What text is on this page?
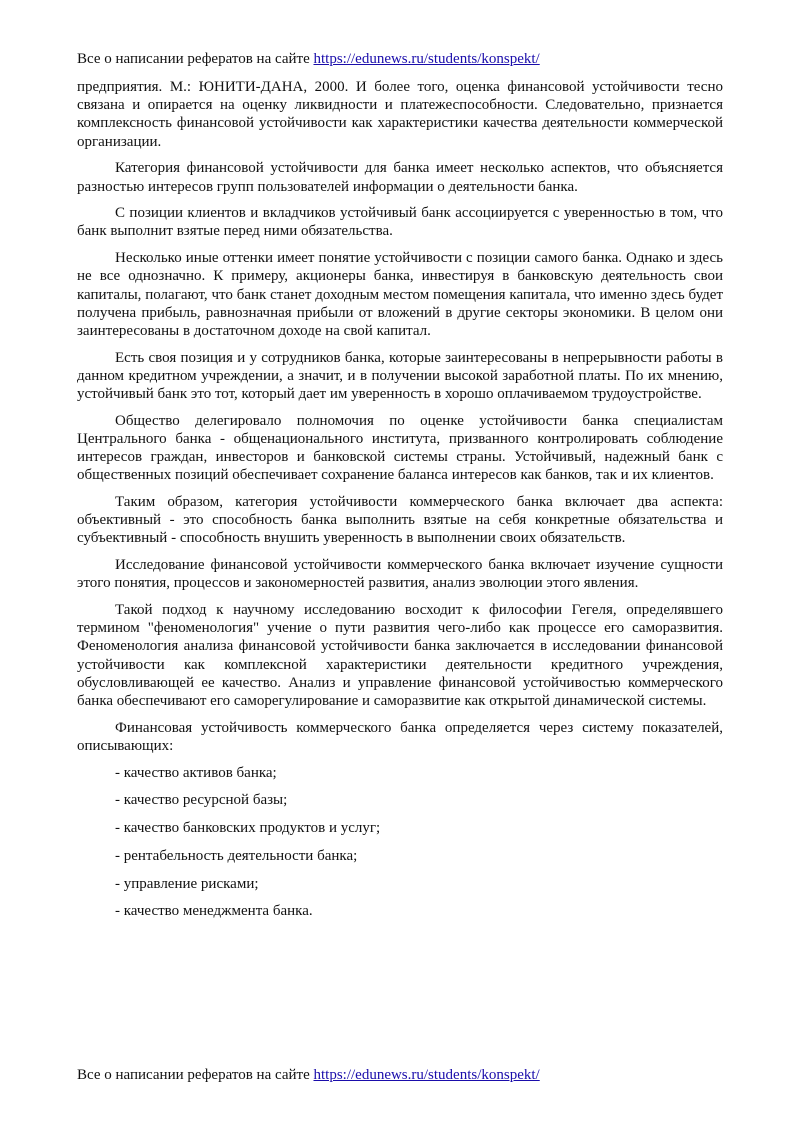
Все о написании рефератов на сайте https://edunews.ru/students/konspekt/

предприятия. М.: ЮНИТИ-ДАНА, 2000. И более того, оценка финансовой устойчивости тесно связана и опирается на оценку ликвидности и платежеспособности. Следовательно, признается комплексность финансовой устойчивости как характеристики качества деятельности коммерческой организации.

Категория финансовой устойчивости для банка имеет несколько аспектов, что объясняется разностью интересов групп пользователей информации о деятельности банка.

С позиции клиентов и вкладчиков устойчивый банк ассоциируется с уверенностью в том, что банк выполнит взятые перед ними обязательства.

Несколько иные оттенки имеет понятие устойчивости с позиции самого банка. Однако и здесь не все однозначно. К примеру, акционеры банка, инвестируя в банковскую деятельность свои капиталы, полагают, что банк станет доходным местом помещения капитала, что именно здесь будет получена прибыль, равнозначная прибыли от вложений в другие секторы экономики. В целом они заинтересованы в достаточном доходе на свой капитал.

Есть своя позиция и у сотрудников банка, которые заинтересованы в непрерывности работы в данном кредитном учреждении, а значит, и в получении высокой заработной платы. По их мнению, устойчивый банк это тот, который дает им уверенность в хорошо оплачиваемом трудоустройстве.

Общество делегировало полномочия по оценке устойчивости банка специалистам Центрального банка - общенационального института, призванного контролировать соблюдение интересов граждан, инвесторов и банковской системы страны. Устойчивый, надежный банк с общественных позиций обеспечивает сохранение баланса интересов как банков, так и их клиентов.

Таким образом, категория устойчивости коммерческого банка включает два аспекта: объективный - это способность банка выполнить взятые на себя конкретные обязательства и субъективный - способность внушить уверенность в выполнении своих обязательств.

Исследование финансовой устойчивости коммерческого банка включает изучение сущности этого понятия, процессов и закономерностей развития, анализ эволюции этого явления.

Такой подход к научному исследованию восходит к философии Гегеля, определявшего термином "феноменология" учение о пути развития чего-либо как процессе его саморазвития. Феноменология анализа финансовой устойчивости банка заключается в исследовании финансовой устойчивости как комплексной характеристики деятельности кредитного учреждения, обусловливающей ее качество. Анализ и управление финансовой устойчивостью коммерческого банка обеспечивают его саморегулирование и саморазвитие как открытой динамической системы.

Финансовая устойчивость коммерческого банка определяется через систему показателей, описывающих:

- качество активов банка;

- качество ресурсной базы;

- качество банковских продуктов и услуг;

- рентабельность деятельности банка;

- управление рисками;

- качество менеджмента банка.

Все о написании рефератов на сайте https://edunews.ru/students/konspekt/
